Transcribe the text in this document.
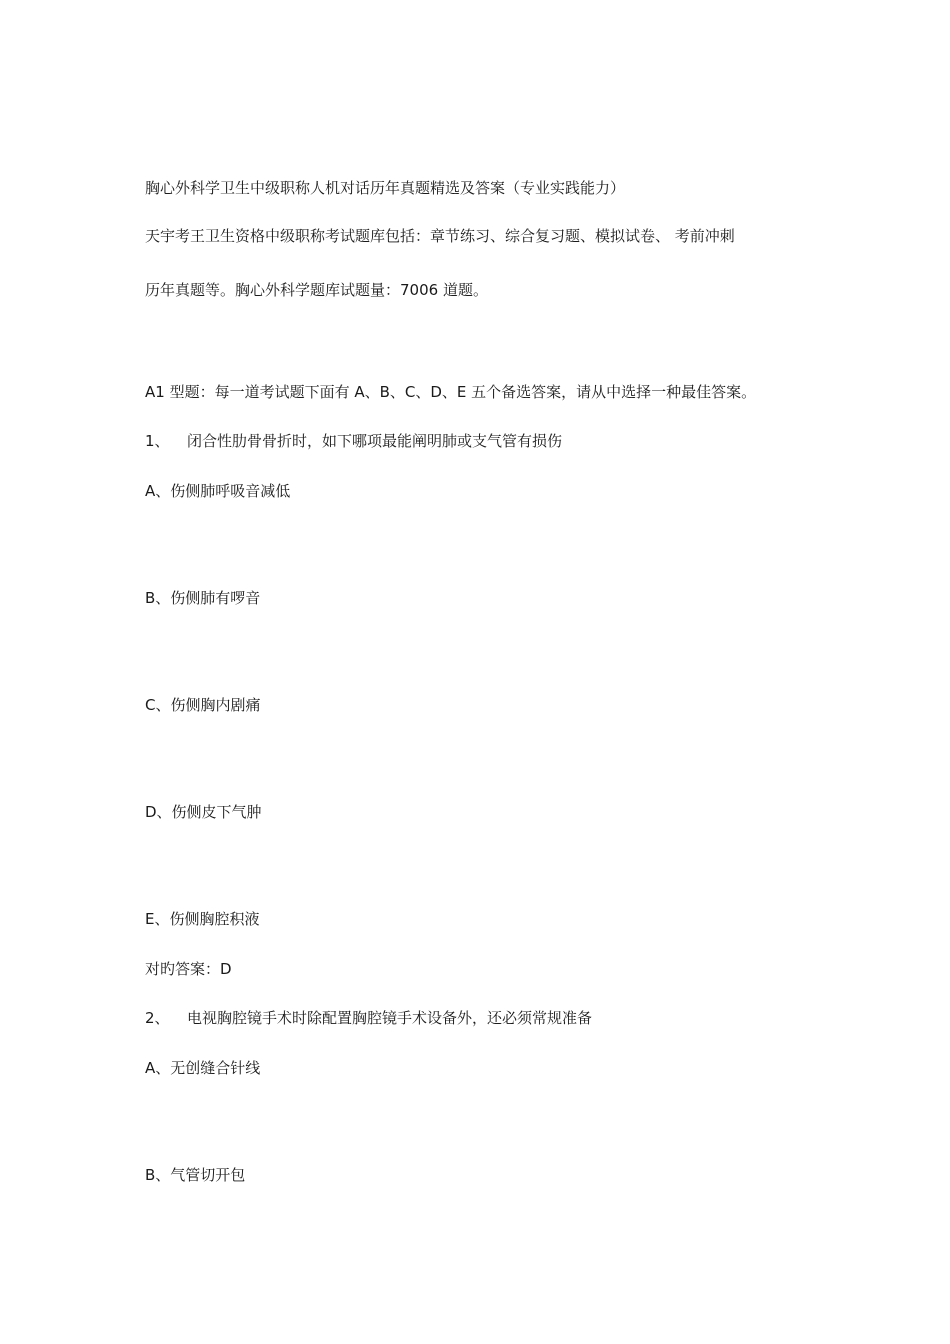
胸心外科学卫生中级职称人机对话历年真题精选及答案（专业实践能力）
天宇考王卫生资格中级职称考试题库包括：章节练习、综合复习题、模拟试卷、 考前冲刺
历年真题等。胸心外科学题库试题量：7006 道题。
A1 型题：每一道考试题下面有 A、B、C、D、E 五个备选答案，请从中选择一种最佳答案。
1、 闭合性肋骨骨折时，如下哪项最能阐明肺或支气管有损伤
A、伤侧肺呼吸音减低
B、伤侧肺有啰音
C、伤侧胸内剧痛
D、伤侧皮下气肿
E、伤侧胸腔积液
对旳答案：D
2、 电视胸腔镜手术时除配置胸腔镜手术设备外，还必须常规准备
A、无创缝合针线
B、气管切开包
